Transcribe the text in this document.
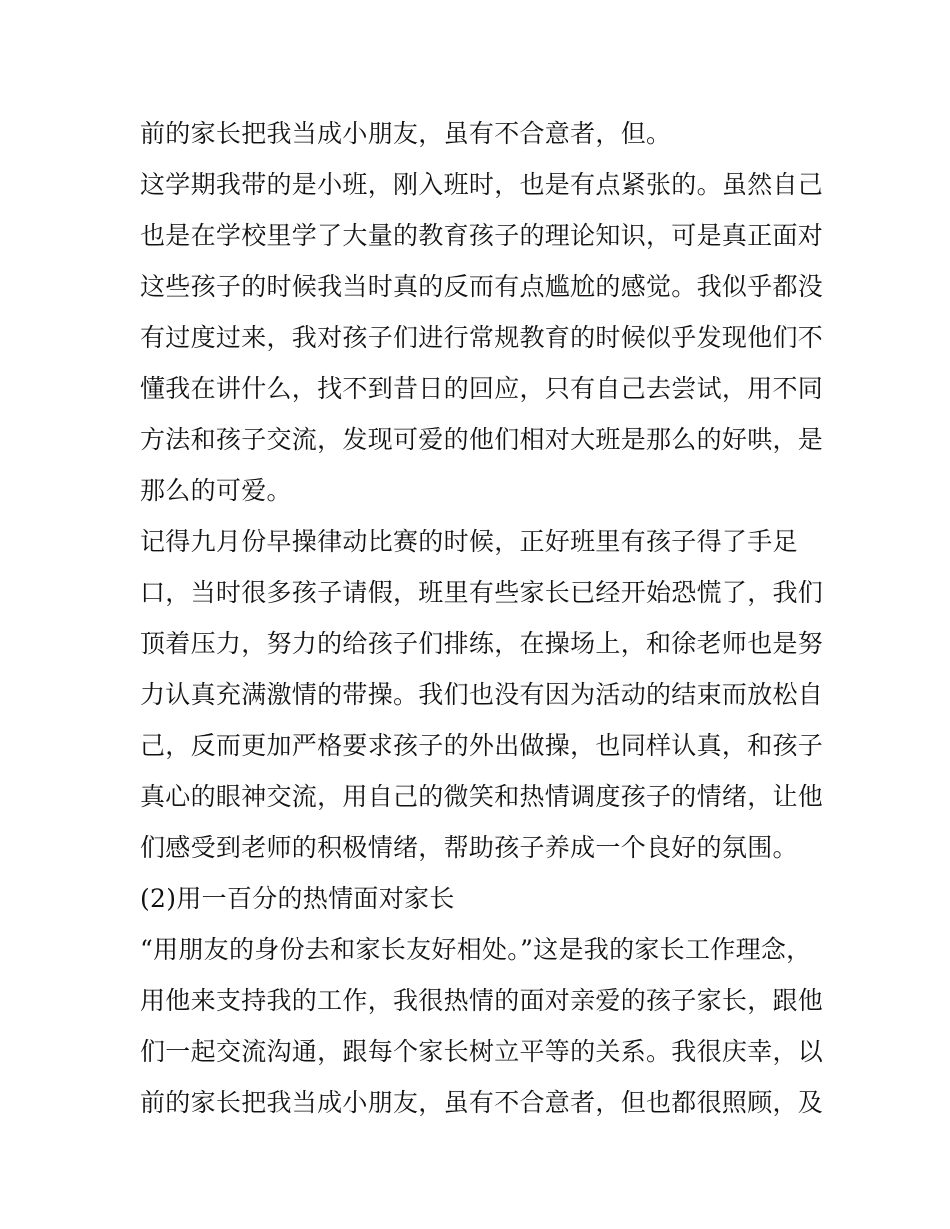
前的家长把我当成小朋友，虽有不合意者，但。
这学期我带的是小班，刚入班时，也是有点紧张的。虽然自己
也是在学校里学了大量的教育孩子的理论知识，可是真正面对
这些孩子的时候我当时真的反而有点尴尬的感觉。我似乎都没
有过度过来，我对孩子们进行常规教育的时候似乎发现他们不
懂我在讲什么，找不到昔日的回应，只有自己去尝试，用不同
方法和孩子交流，发现可爱的他们相对大班是那么的好哄，是
那么的可爱。
记得九月份早操律动比赛的时候，正好班里有孩子得了手足
口，当时很多孩子请假，班里有些家长已经开始恐慌了，我们
顶着压力，努力的给孩子们排练，在操场上，和徐老师也是努
力认真充满激情的带操。我们也没有因为活动的结束而放松自
己，反而更加严格要求孩子的外出做操，也同样认真，和孩子
真心的眼神交流，用自己的微笑和热情调度孩子的情绪，让他
们感受到老师的积极情绪，帮助孩子养成一个良好的氛围。
(2)用一百分的热情面对家长
“用朋友的身份去和家长友好相处。”这是我的家长工作理念，
用他来支持我的工作，我很热情的面对亲爱的孩子家长，跟他
们一起交流沟通，跟每个家长树立平等的关系。我很庆幸，以
前的家长把我当成小朋友，虽有不合意者，但也都很照顾，及
